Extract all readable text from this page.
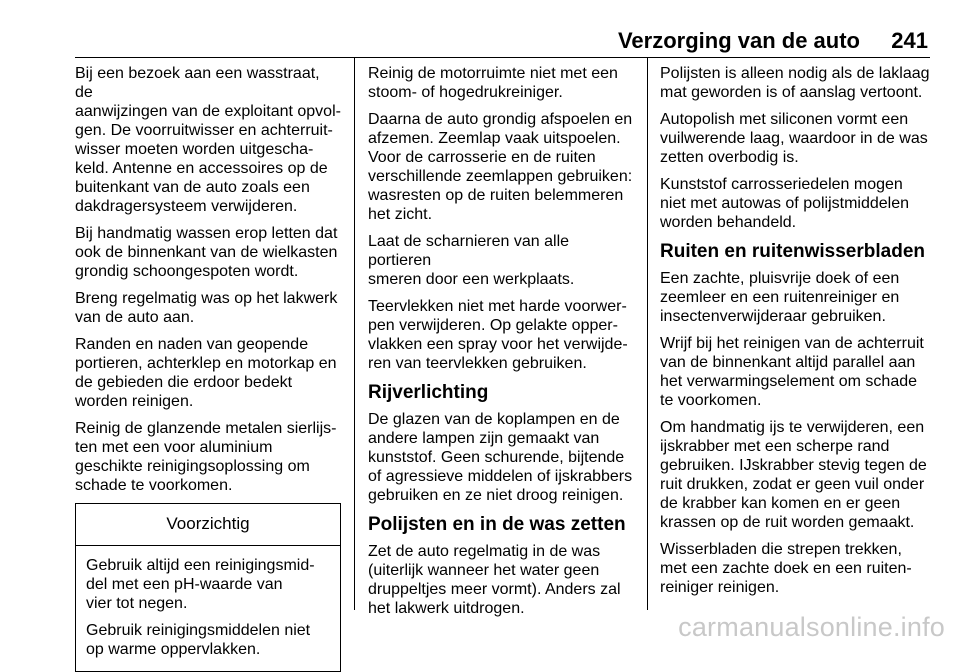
Verzorging van de auto	241

Bij een bezoek aan een wasstraat, de
aanwijzingen van de exploitant opvol-
gen. De voorruitwisser en achterruit-
wisser moeten worden uitgescha-
keld. Antenne en accessoires op de
buitenkant van de auto zoals een
dakdragersysteem verwijderen.

Bij handmatig wassen erop letten dat
ook de binnenkant van de wielkasten
grondig schoongespoten wordt.

Breng regelmatig was op het lakwerk
van de auto aan.

Randen en naden van geopende
portieren, achterklep en motorkap en
de gebieden die erdoor bedekt
worden reinigen.

Reinig de glanzende metalen sierlijs-
ten met een voor aluminium
geschikte reinigingsoplossing om
schade te voorkomen.

Voorzichtig

Gebruik altijd een reinigingsmid-
del met een pH-waarde van
vier tot negen.

Gebruik reinigingsmiddelen niet
op warme oppervlakken.

Reinig de motorruimte niet met een
stoom- of hogedrukreiniger.

Daarna de auto grondig afspoelen en
afzemen. Zeemlap vaak uitspoelen.
Voor de carrosserie en de ruiten
verschillende zeemlappen gebruiken:
wasresten op de ruiten belemmeren
het zicht.

Laat de scharnieren van alle portieren
smeren door een werkplaats.

Teervlekken niet met harde voorwer-
pen verwijderen. Op gelakte opper-
vlakken een spray voor het verwijde-
ren van teervlekken gebruiken.

Rijverlichting

De glazen van de koplampen en de
andere lampen zijn gemaakt van
kunststof. Geen schurende, bijtende
of agressieve middelen of ijskrabbers
gebruiken en ze niet droog reinigen.

Polijsten en in de was zetten

Zet de auto regelmatig in de was
(uiterlijk wanneer het water geen
druppeltjes meer vormt). Anders zal
het lakwerk uitdrogen.

Polijsten is alleen nodig als de laklaag
mat geworden is of aanslag vertoont.

Autopolish met siliconen vormt een
vuilwerende laag, waardoor in de was
zetten overbodig is.

Kunststof carrosseriedelen mogen
niet met autowas of polijstmiddelen
worden behandeld.

Ruiten en ruitenwisserbladen

Een zachte, pluisvrije doek of een
zeemleer en een ruitenreiniger en
insectenverwijderaar gebruiken.

Wrijf bij het reinigen van de achterruit
van de binnenkant altijd parallel aan
het verwarmingselement om schade
te voorkomen.

Om handmatig ijs te verwijderen, een
ijskrabber met een scherpe rand
gebruiken. IJskrabber stevig tegen de
ruit drukken, zodat er geen vuil onder
de krabber kan komen en er geen
krassen op de ruit worden gemaakt.

Wisserbladen die strepen trekken,
met een zachte doek en een ruiten-
reiniger reinigen.

carmanualsonline.info
